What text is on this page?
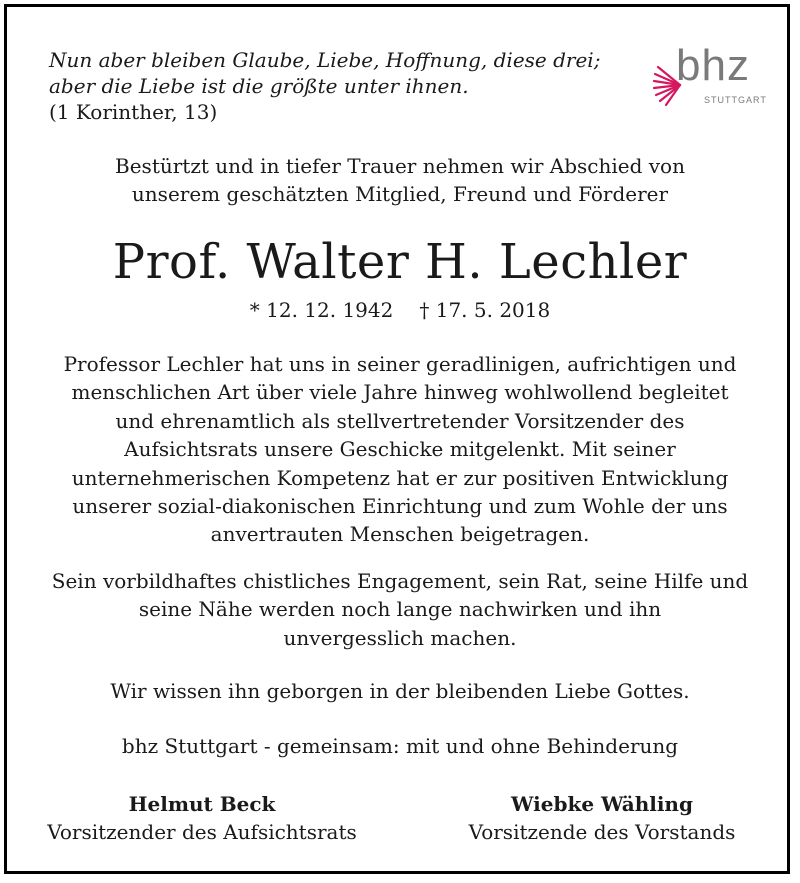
Nun aber bleiben Glaube, Liebe, Hoffnung, diese drei;
aber die Liebe ist die größte unter ihnen.
(1 Korinther, 13)
bhz
STUTTGART
Bestürtzt und in tiefer Trauer nehmen wir Abschied von
unserem geschätzten Mitglied, Freund und Förderer
Prof. Walter H. Lechler
* 12. 12. 1942 † 17. 5. 2018
Professor Lechler hat uns in seiner geradlinigen, aufrichtigen und
menschlichen Art über viele Jahre hinweg wohlwollend begleitet
und ehrenamtlich als stellvertretender Vorsitzender des
Aufsichtsrats unsere Geschicke mitgelenkt. Mit seiner
unternehmerischen Kompetenz hat er zur positiven Entwicklung
unserer sozial-diakonischen Einrichtung und zum Wohle der uns
anvertrauten Menschen beigetragen.
Sein vorbildhaftes chistliches Engagement, sein Rat, seine Hilfe und
seine Nähe werden noch lange nachwirken und ihn
unvergesslich machen.
Wir wissen ihn geborgen in der bleibenden Liebe Gottes.
bhz Stuttgart - gemeinsam: mit und ohne Behinderung
Helmut Beck
Vorsitzender des Aufsichtsrats
Wiebke Wähling
Vorsitzende des Vorstands
